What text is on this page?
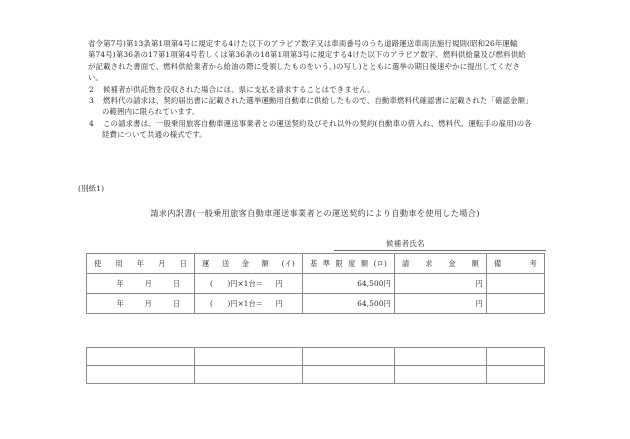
省令第7号)第13条第1項第4号に規定する4けた以下のアラビア数字又は車両番号のうち道路運送車両法施行規則(昭和26年運輸
第74号)第36条の17第1項第4号若しくは第36条の18第1項第3号に規定する4けた以下のアラビア数字、燃料供給量及び燃料供給
が記載された書面で、燃料供給業者から給油の際に受領したものをいう。)の写し)とともに選挙の期日後速やかに提出してくださ
い。
2	候補者が供託物を没収された場合には、県に支払を請求することはできません。
3	燃料代の請求は、契約届出書に記載された選挙運動用自動車に供給したもので、自動車燃料代確認書に記載された「確認金額」
の範囲内に限られています。
4	この請求書は、一般乗用旅客自動車運送事業者との運送契約及びそれ以外の契約(自動車の借入れ、燃料代、運転手の雇用)の各
経費について共通の様式です。
(別紙1)
請求内訳書(一般乗用旅客自動車運送事業者との運送契約により自動車を使用した場合)
候補者氏名
使 用 年 月 日	運 送 金 額 (イ)	基 準 限 度 額 (ロ)	請 求 金 額	備	考

年 月 日	(　　)円×1台＝ 円	64,500円	円	

年 月 日	(　　)円×1台＝ 円	64,500円	円	
